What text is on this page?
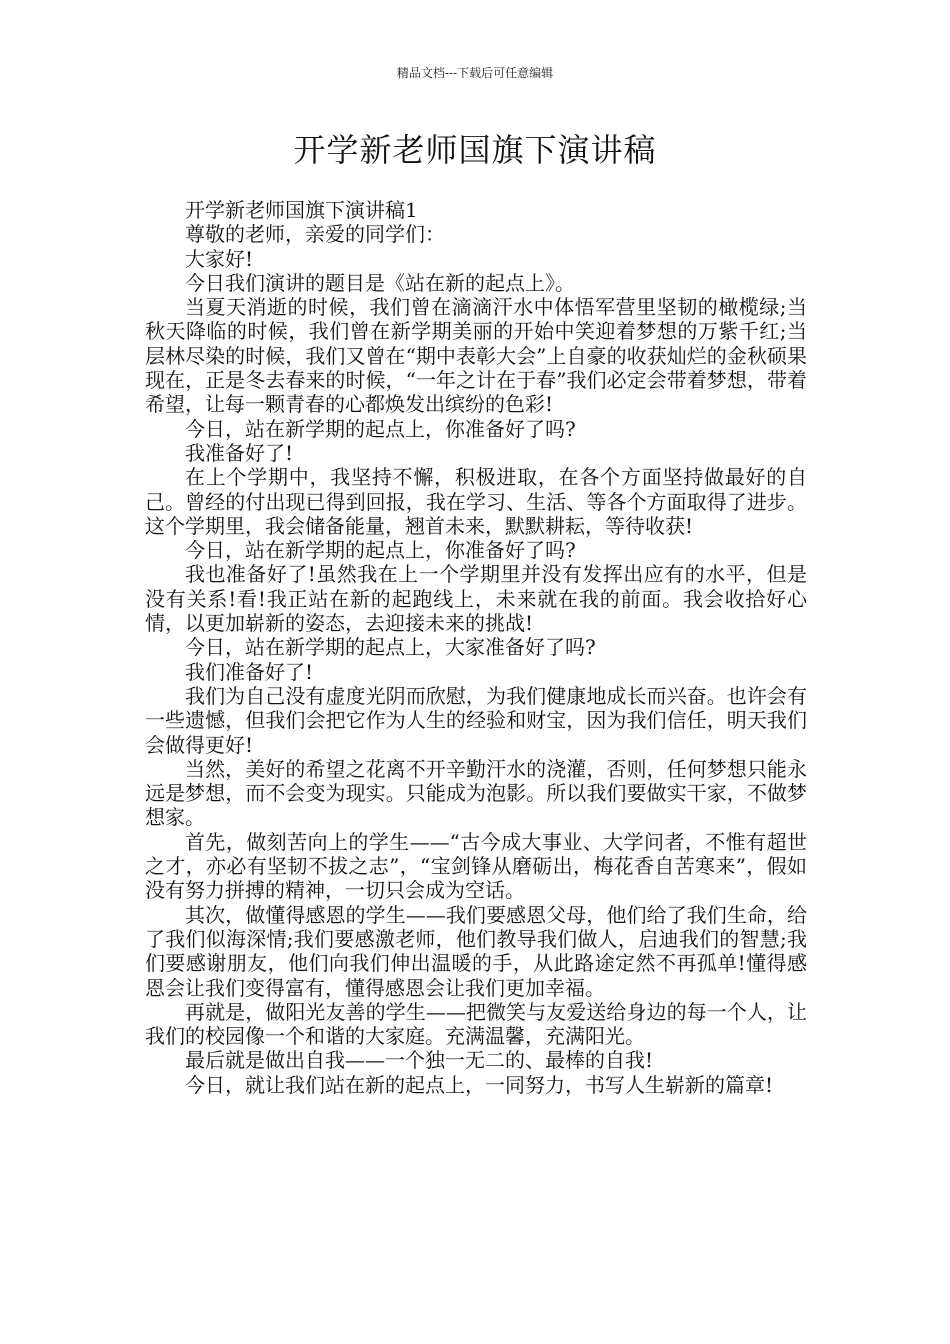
精品文档---下载后可任意编辑
开学新老师国旗下演讲稿

开学新老师国旗下演讲稿1

尊敬的老师，亲爱的同学们：

大家好!

今日我们演讲的题目是《站在新的起点上》。

当夏天消逝的时候，我们曾在滴滴汗水中体悟军营里坚韧的橄榄绿;当秋天降临的时候，我们曾在新学期美丽的开始中笑迎着梦想的万紫千红;当层林尽染的时候，我们又曾在“期中表彰大会”上自豪的收获灿烂的金秋硕果现在，正是冬去春来的时候，“一年之计在于春”我们必定会带着梦想，带着希望，让每一颗青春的心都焕发出缤纷的色彩!

今日，站在新学期的起点上，你准备好了吗?

我准备好了!

在上个学期中，我坚持不懈，积极进取，在各个方面坚持做最好的自己。曾经的付出现已得到回报，我在学习、生活、等各个方面取得了进步。这个学期里，我会储备能量，翘首未来，默默耕耘，等待收获!

今日，站在新学期的起点上，你准备好了吗?

我也准备好了!虽然我在上一个学期里并没有发挥出应有的水平，但是没有关系!看!我正站在新的起跑线上，未来就在我的前面。我会收拾好心情，以更加崭新的姿态，去迎接未来的挑战!

今日，站在新学期的起点上，大家准备好了吗?

我们准备好了!

我们为自己没有虚度光阴而欣慰，为我们健康地成长而兴奋。也许会有一些遗憾，但我们会把它作为人生的经验和财宝，因为我们信任，明天我们会做得更好!

当然，美好的希望之花离不开辛勤汗水的浇灌，否则，任何梦想只能永远是梦想，而不会变为现实。只能成为泡影。所以我们要做实干家，不做梦想家。

首先，做刻苦向上的学生——“古今成大事业、大学问者，不惟有超世之才，亦必有坚韧不拔之志”，“宝剑锋从磨砺出，梅花香自苦寒来”，假如没有努力拼搏的精神，一切只会成为空话。

其次，做懂得感恩的学生——我们要感恩父母，他们给了我们生命，给了我们似海深情;我们要感激老师，他们教导我们做人，启迪我们的智慧;我们要感谢朋友，他们向我们伸出温暖的手，从此路途定然不再孤单!懂得感恩会让我们变得富有，懂得感恩会让我们更加幸福。

再就是，做阳光友善的学生——把微笑与友爱送给身边的每一个人，让我们的校园像一个和谐的大家庭。充满温馨，充满阳光。

最后就是做出自我——一个独一无二的、最棒的自我!

今日，就让我们站在新的起点上，一同努力，书写人生崭新的篇章!
